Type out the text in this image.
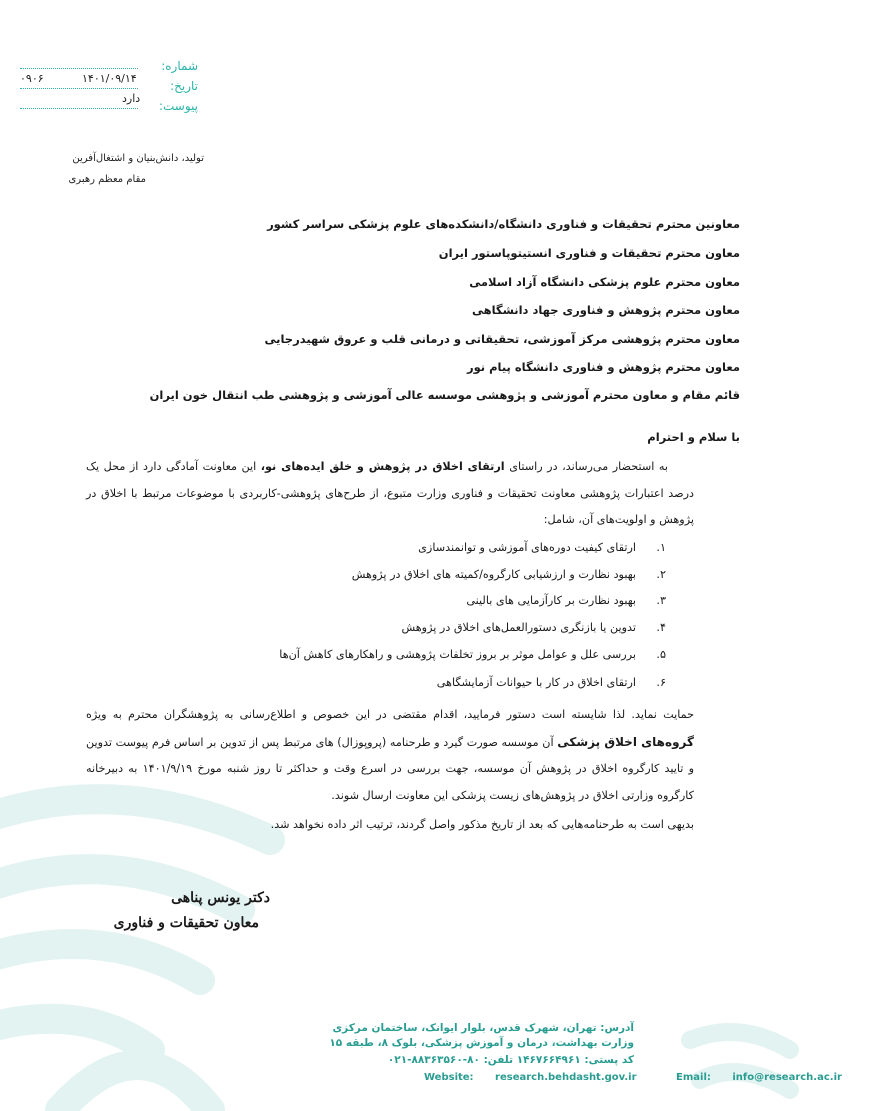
شماره:
تاریخ:
پیوست:
۱۴۰۱/۰۹/۱۴
۰۹۰۶
دارد
تولید، دانش‌بنیان و اشتغال‌آفرین
مقام معظم رهبری
معاونین محترم تحقیقات و فناوری دانشگاه/دانشکده‌های علوم پزشکی سراسر کشور
معاون محترم تحقیقات و فناوری انستیتوپاستور ایران
معاون محترم علوم پزشکی دانشگاه آزاد اسلامی
معاون محترم پژوهش و فناوری جهاد دانشگاهی
معاون محترم پژوهشی مرکز آموزشی، تحقیقاتی و درمانی قلب و عروق شهیدرجایی
معاون محترم پژوهش و فناوری دانشگاه پیام نور
قائم مقام و معاون محترم آموزشی و پژوهشی موسسه عالی آموزشی و پژوهشی طب انتقال خون ایران
با سلام و احترام

به استحضار می‌رساند، در راستای ارتقای اخلاق در پژوهش و خلق ایده‌های نو، این معاونت آمادگی دارد از محل یک درصد اعتبارات پژوهشی معاونت تحقیقات و فناوری وزارت متبوع، از طرح‌های پژوهشی-کاربردی با موضوعات مرتبط با اخلاق در پژوهش و اولویت‌های آن، شامل:

۱.ارتقای کیفیت دوره‌های آموزشی و توانمندسازی
۲.بهبود نظارت و ارزشیابی کارگروه/کمیته های اخلاق در پژوهش
۳.بهبود نظارت بر کارآزمایی های بالینی
۴.تدوین یا بازنگری دستورالعمل‌های اخلاق در پژوهش
۵.بررسی علل و عوامل موثر بر بروز تخلفات پژوهشی و راهکارهای کاهش آن‌ها
۶.ارتقای اخلاق در کار با حیوانات آزمایشگاهی

حمایت نماید. لذا شایسته است دستور فرمایید، اقدام مقتضی در این خصوص و اطلاع‌رسانی به پژوهشگران محترم به ویژه گروه‌های اخلاق پزشکی آن موسسه صورت گیرد و طرحنامه (پروپوزال) های مرتبط پس از تدوین بر اساس فرم پیوست تدوین و تایید کارگروه اخلاق در پژوهش آن موسسه، جهت بررسی در اسرع وقت و حداکثر تا روز شنبه مورخ ۱۴۰۱/۹/۱۹ به دبیرخانه کارگروه وزارتی اخلاق در پژوهش‌های زیست پزشکی این معاونت ارسال شوند.

بدیهی است به طرحنامه‌هایی که بعد از تاریخ مذکور واصل گردند، ترتیب اثر داده نخواهد شد.
دکتر یونس پناهی
معاون تحقیقات و فناوری
آدرس: تهران، شهرک قدس، بلوار ایوانک، ساختمان مرکزی
وزارت بهداشت، درمان و آموزش پزشکی، بلوک ۸، طبقه ۱۵
کد پستی: ۱۴۶۷۶۶۴۹۶۱ تلفن: ۸۰-۸۸۳۶۳۵۶۰-۰۲۱
Website: research.behdasht.gov.ir	Email: info@research.ac.ir
